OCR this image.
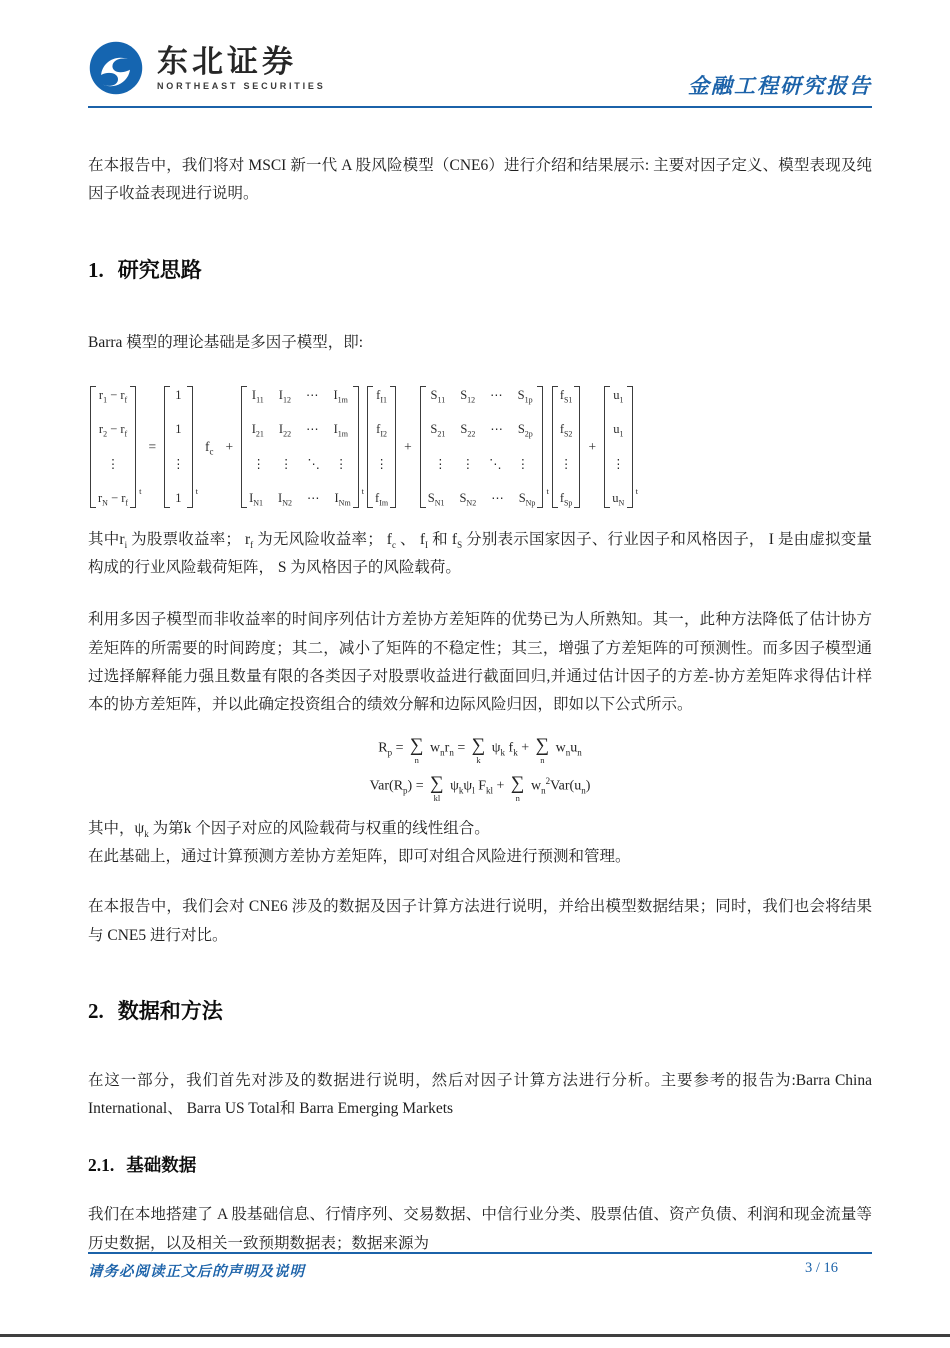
东北证券
NORTHEAST SECURITIES	金融工程研究报告

在本报告中，我们将对 MSCI 新一代 A 股风险模型（CNE6）进行介绍和结果展示: 主要对因子定义、模型表现及纯因子收益表现进行说明。

1. 研究思路

Barra 模型的理论基础是多因子模型，即:

$r_1 - r_f$
$r_2 - r_f$
⋮
$r_N - r_f$
t
=
1
1
⋮
1 t
$f_c$ +
$I_{11}$ $I_{12}$ ⋯ $I_{1m}$
$I_{21}$ $I_{22}$ ⋯ $I_{1m}$
⋮ ⋮ ⋱ ⋮
$I_{N1}$ $I_{N2}$ ⋯ $I_{Nm}$
t
$f_{I1}$
$f_{I2}$
⋮
$f_{Im}$
+
$S_{11}$ $S_{12}$ ⋯ $S_{1p}$
$S_{21}$ $S_{22}$ ⋯ $S_{2p}$
⋮ ⋮ ⋱ ⋮
$S_{N1}$ $S_{N2}$ ⋯ $S_{Np}$
t
$f_{S1}$
$f_{S2}$
⋮
$f_{Sp}$
+
$u_1$
$u_1$
⋮
$u_N$
t

其中$r_i$ 为股票收益率； $r_f$ 为无风险收益率； $f_c$ 、 $f_I$ 和 $f_S$ 分别表示国家因子、行业因子和风格因子， I 是由虚拟变量构成的行业风险载荷矩阵， S 为风格因子的风险载荷。

利用多因子模型而非收益率的时间序列估计方差协方差矩阵的优势已为人所熟知。其一，此种方法降低了估计协方差矩阵的所需要的时间跨度；其二，减小了矩阵的不稳定性；其三，增强了方差矩阵的可预测性。而多因子模型通过选择解释能力强且数量有限的各类因子对股票收益进行截面回归,并通过估计因子的方差-协方差矩阵求得估计样本的协方差矩阵，并以此确定投资组合的绩效分解和边际风险归因，即如以下公式所示。

$R_p$ = ∑
n
$w_nr_n$ = ∑
k
$\psi_k$ $f_k$ + ∑
n
$w_nu_n$
$Var(R_p)$ = ∑
kl
$\psi_k\psi_l$ $F_{kl}$ + ∑
n
$w_n^2Var(u_n)$

其中，$\psi_k$ 为第k 个因子对应的风险载荷与权重的线性组合。

在此基础上，通过计算预测方差协方差矩阵，即可对组合风险进行预测和管理。

在本报告中，我们会对 CNE6 涉及的数据及因子计算方法进行说明，并给出模型数据结果；同时，我们也会将结果与 CNE5 进行对比。

2. 数据和方法

在这一部分，我们首先对涉及的数据进行说明，然后对因子计算方法进行分析。主要参考的报告为:Barra China International、 Barra US Total和 Barra Emerging Markets

2.1. 基础数据

我们在本地搭建了 A 股基础信息、行情序列、交易数据、中信行业分类、股票估值、资产负债、利润和现金流量等历史数据，以及相关一致预期数据表；数据来源为

请务必阅读正文后的声明及说明	3 / 16
